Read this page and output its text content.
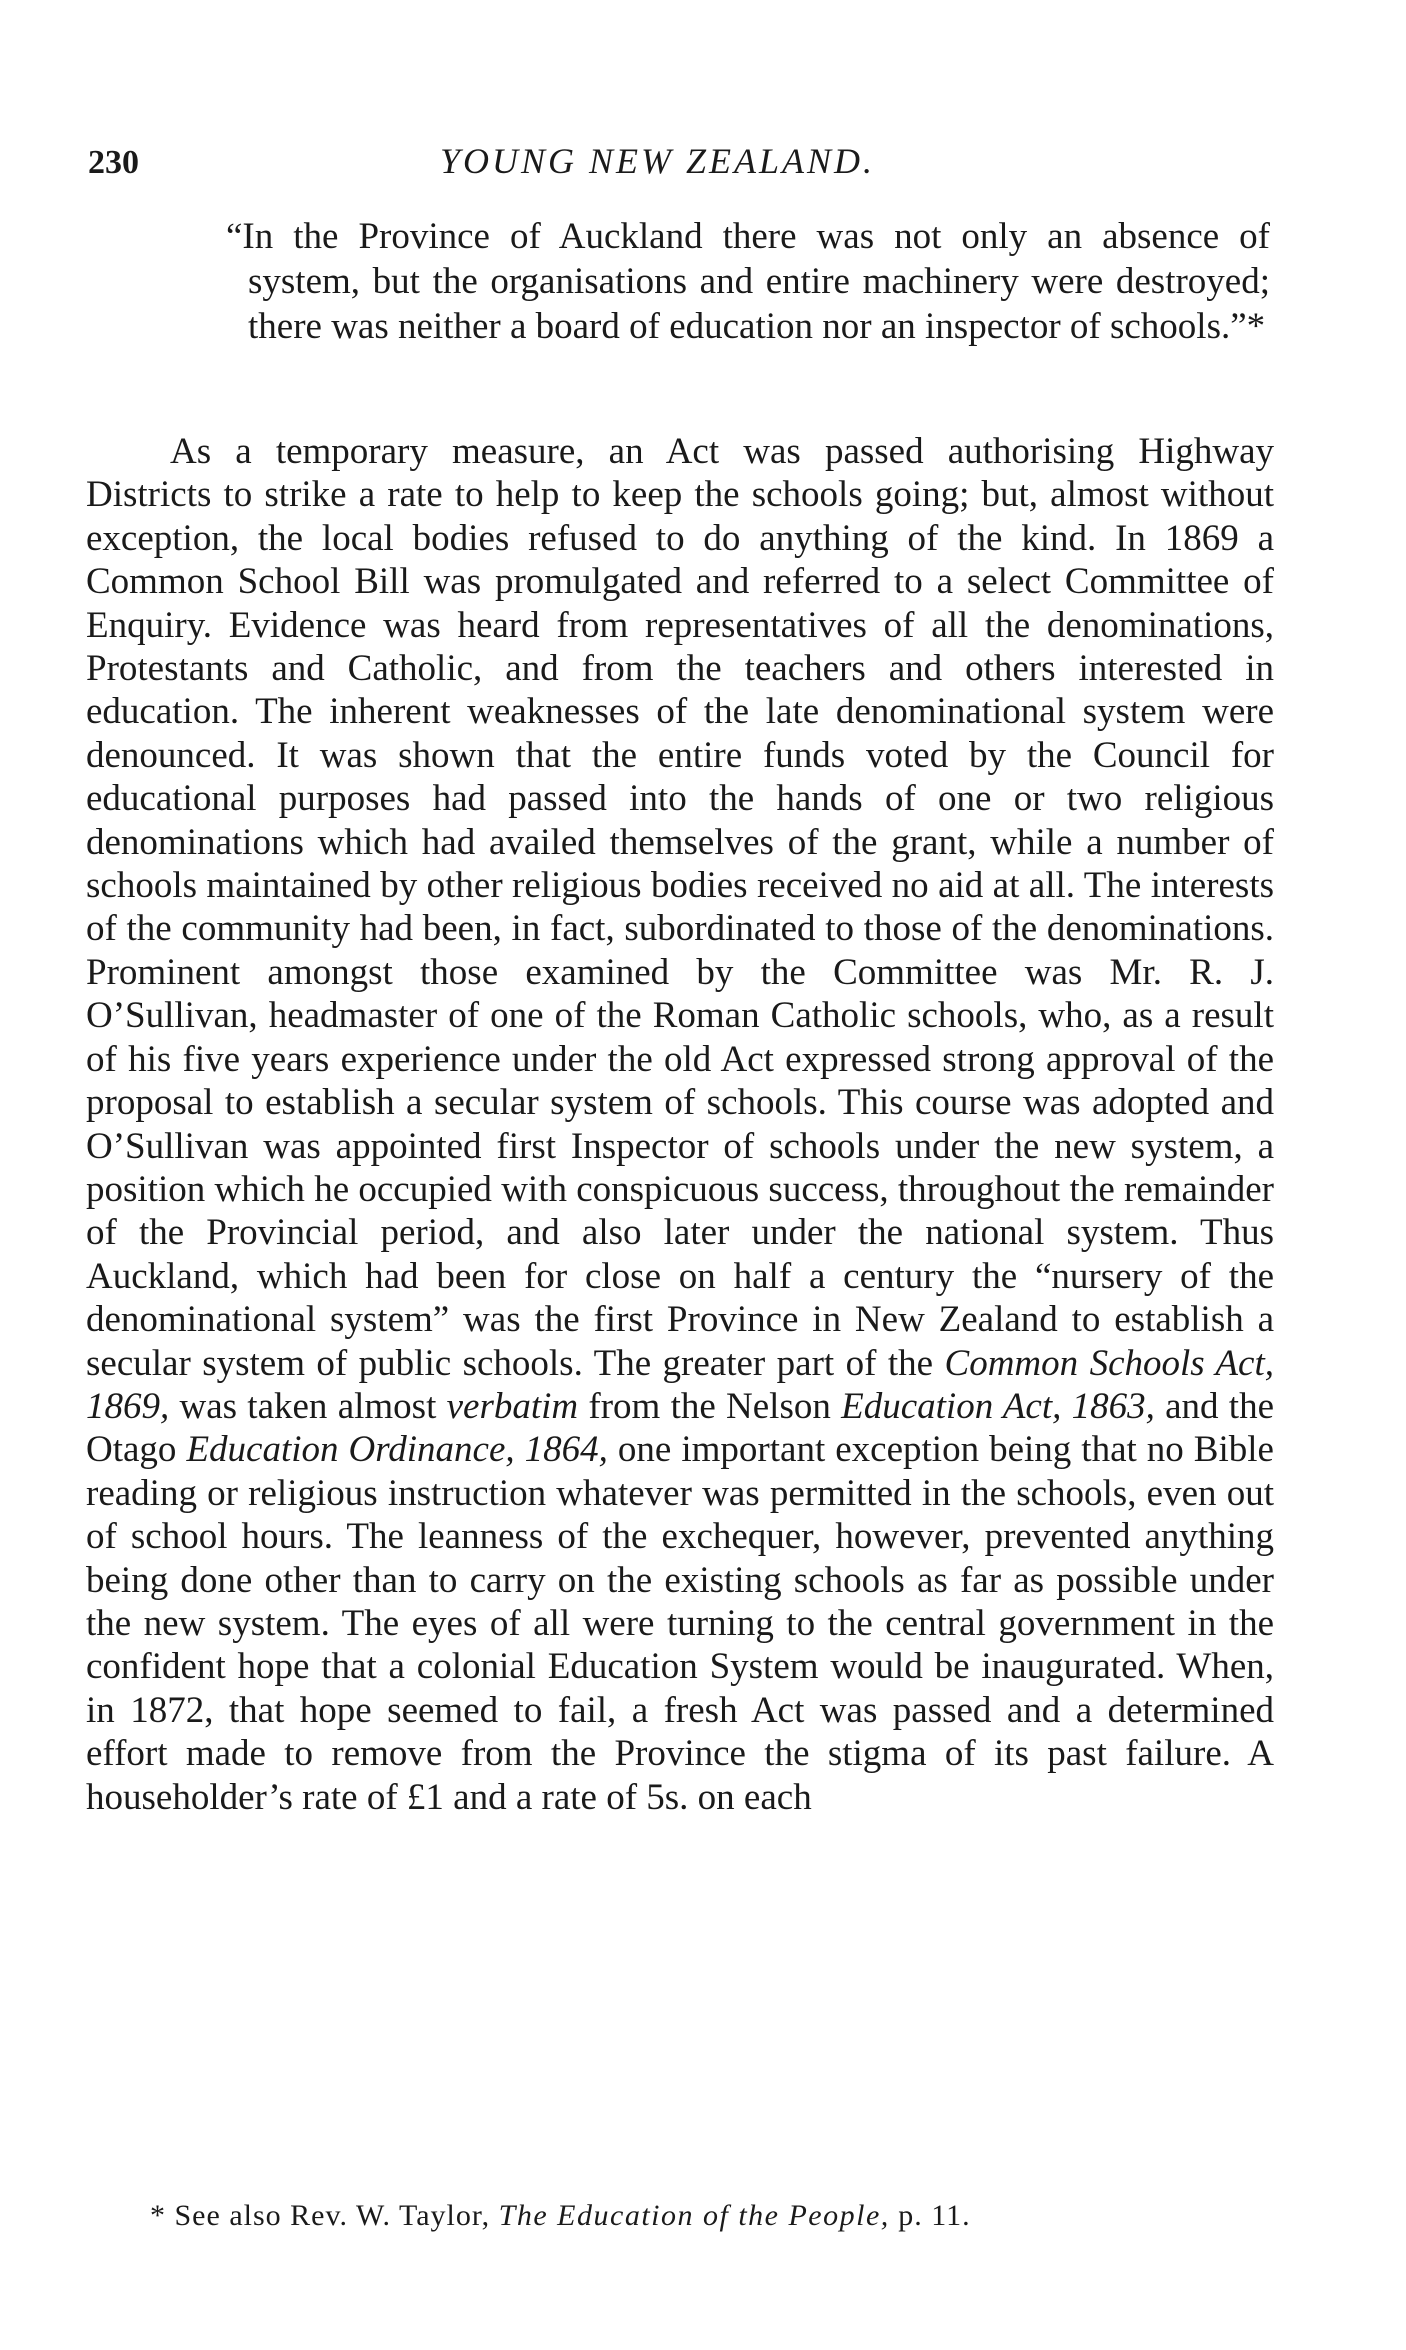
230	YOUNG NEW ZEALAND.
“In the Province of Auckland there was not only an absence of system, but the organisations and entire machinery were destroyed; there was neither a board of education nor an inspector of schools.”*

As a temporary measure, an Act was passed authorising Highway Districts to strike a rate to help to keep the schools going; but, almost without exception, the local bodies refused to do anything of the kind. In 1869 a Common School Bill was promulgated and referred to a select Committee of Enquiry. Evidence was heard from representatives of all the denominations, Protestants and Catholic, and from the teachers and others interested in education. The inherent weaknesses of the late denominational system were denounced. It was shown that the entire funds voted by the Council for educational purposes had passed into the hands of one or two religious denominations which had availed themselves of the grant, while a number of schools maintained by other religious bodies received no aid at all. The interests of the community had been, in fact, subordinated to those of the denominations. Prominent amongst those examined by the Committee was Mr. R. J. O’Sullivan, headmaster of one of the Roman Catholic schools, who, as a result of his five years experience under the old Act expressed strong approval of the proposal to establish a secular system of schools. This course was adopted and O’Sullivan was appointed first Inspector of schools under the new system, a position which he occupied with conspicuous success, throughout the remainder of the Provincial period, and also later under the national system. Thus Auckland, which had been for close on half a century the “nursery of the denominational system” was the first Province in New Zealand to establish a secular system of public schools. The greater part of the Common Schools Act, 1869, was taken almost verbatim from the Nelson Education Act, 1863, and the Otago Education Ordinance, 1864, one important exception being that no Bible reading or religious instruction whatever was permitted in the schools, even out of school hours. The leanness of the exchequer, however, prevented anything being done other than to carry on the existing schools as far as possible under the new system. The eyes of all were turning to the central government in the confident hope that a colonial Education System would be inaugurated. When, in 1872, that hope seemed to fail, a fresh Act was passed and a determined effort made to remove from the Province the stigma of its past failure. A householder’s rate of £1 and a rate of 5s. on each

* See also Rev. W. Taylor, The Education of the People, p. 11.
